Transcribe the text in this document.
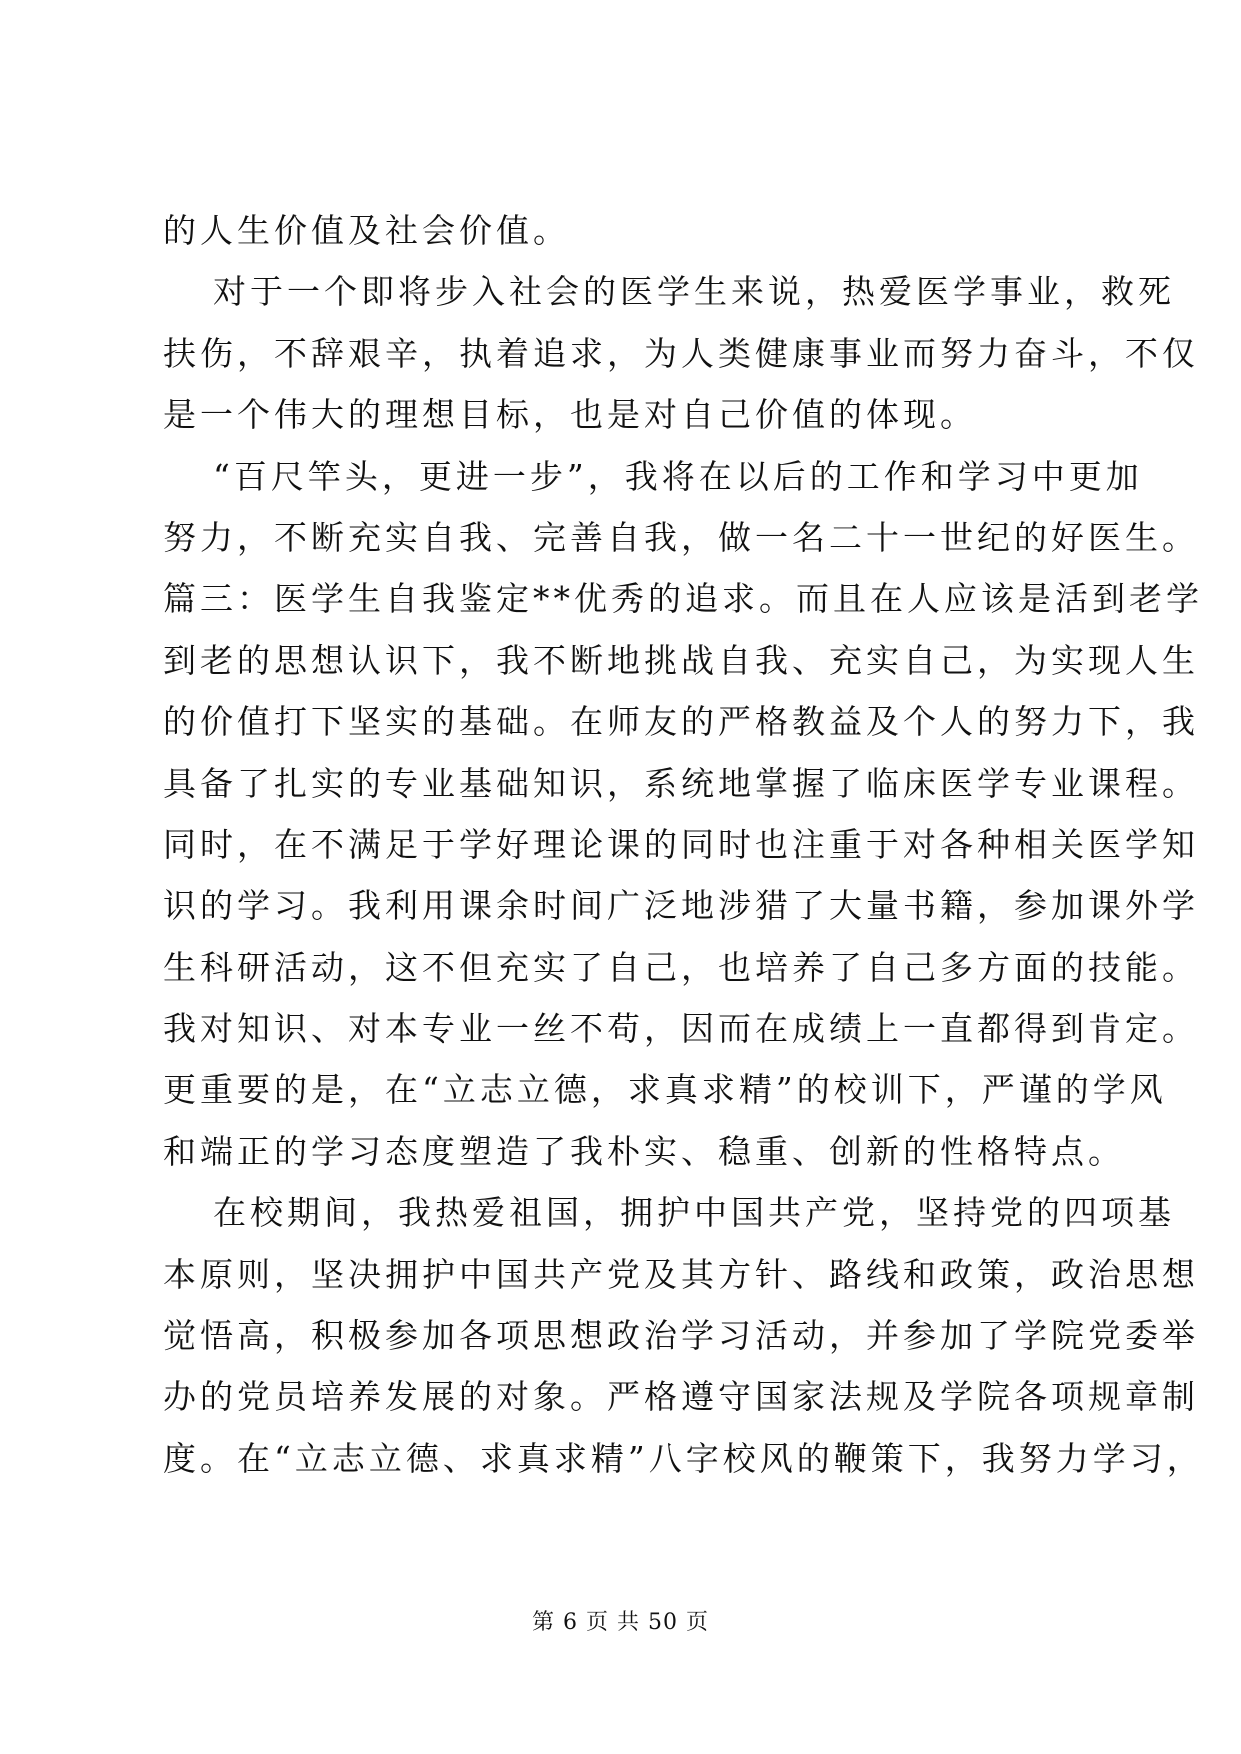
的人生价值及社会价值。
对于一个即将步入社会的医学生来说，热爱医学事业，救死
扶伤，不辞艰辛，执着追求，为人类健康事业而努力奋斗，不仅
是一个伟大的理想目标，也是对自己价值的体现。
“百尺竿头，更进一步”，我将在以后的工作和学习中更加
努力，不断充实自我、完善自我，做一名二十一世纪的好医生。
篇三：医学生自我鉴定**优秀的追求。而且在人应该是活到老学
到老的思想认识下，我不断地挑战自我、充实自己，为实现人生
的价值打下坚实的基础。在师友的严格教益及个人的努力下，我
具备了扎实的专业基础知识，系统地掌握了临床医学专业课程。
同时，在不满足于学好理论课的同时也注重于对各种相关医学知
识的学习。我利用课余时间广泛地涉猎了大量书籍，参加课外学
生科研活动，这不但充实了自己，也培养了自己多方面的技能。
我对知识、对本专业一丝不苟，因而在成绩上一直都得到肯定。
更重要的是，在“立志立德，求真求精”的校训下，严谨的学风
和端正的学习态度塑造了我朴实、稳重、创新的性格特点。
在校期间，我热爱祖国，拥护中国共产党，坚持党的四项基
本原则，坚决拥护中国共产党及其方针、路线和政策，政治思想
觉悟高，积极参加各项思想政治学习活动，并参加了学院党委举
办的党员培养发展的对象。严格遵守国家法规及学院各项规章制
度。在“立志立德、求真求精”八字校风的鞭策下，我努力学习，
第 6 页 共 50 页
